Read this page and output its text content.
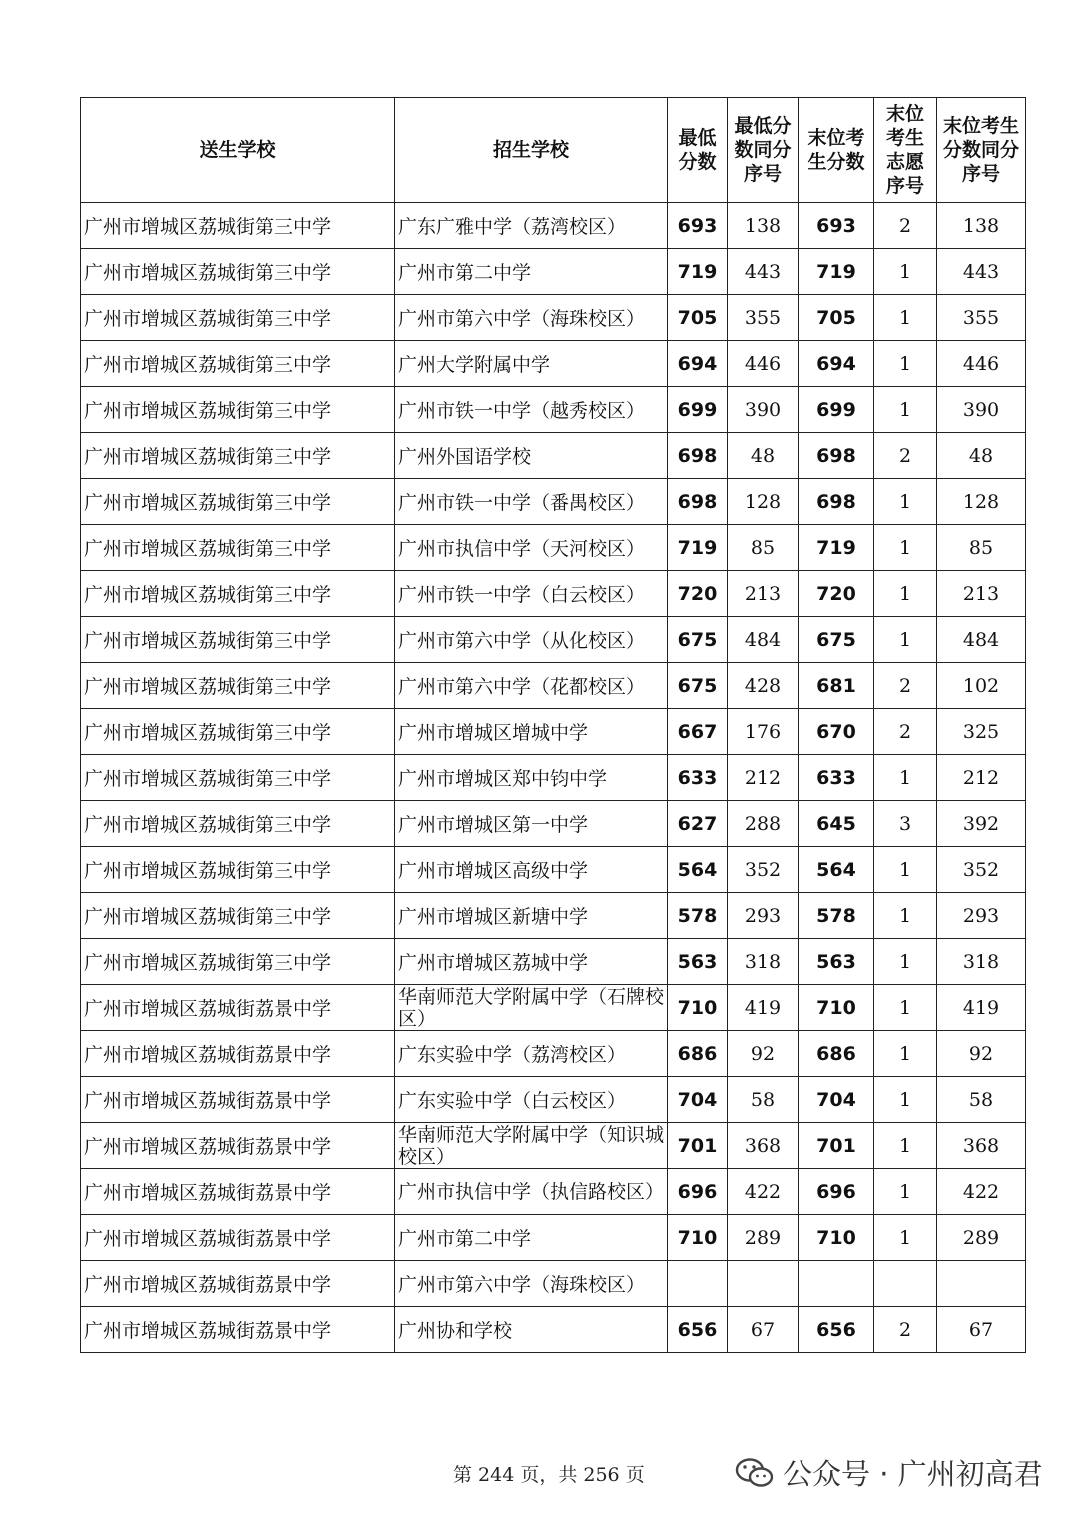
送生学校	招生学校	最低分数	最低分数同分序号	末位考生分数	末位考生志愿序号	末位考生分数同分序号
广州市增城区荔城街第三中学	广东广雅中学（荔湾校区）	693	138	693	2	138
广州市增城区荔城街第三中学	广州市第二中学	719	443	719	1	443
广州市增城区荔城街第三中学	广州市第六中学（海珠校区）	705	355	705	1	355
广州市增城区荔城街第三中学	广州大学附属中学	694	446	694	1	446
广州市增城区荔城街第三中学	广州市铁一中学（越秀校区）	699	390	699	1	390
广州市增城区荔城街第三中学	广州外国语学校	698	48	698	2	48
广州市增城区荔城街第三中学	广州市铁一中学（番禺校区）	698	128	698	1	128
广州市增城区荔城街第三中学	广州市执信中学（天河校区）	719	85	719	1	85
广州市增城区荔城街第三中学	广州市铁一中学（白云校区）	720	213	720	1	213
广州市增城区荔城街第三中学	广州市第六中学（从化校区）	675	484	675	1	484
广州市增城区荔城街第三中学	广州市第六中学（花都校区）	675	428	681	2	102
广州市增城区荔城街第三中学	广州市增城区增城中学	667	176	670	2	325
广州市增城区荔城街第三中学	广州市增城区郑中钧中学	633	212	633	1	212
广州市增城区荔城街第三中学	广州市增城区第一中学	627	288	645	3	392
广州市增城区荔城街第三中学	广州市增城区高级中学	564	352	564	1	352
广州市增城区荔城街第三中学	广州市增城区新塘中学	578	293	578	1	293
广州市增城区荔城街第三中学	广州市增城区荔城中学	563	318	563	1	318
广州市增城区荔城街荔景中学	华南师范大学附属中学（石牌校区）	710	419	710	1	419
广州市增城区荔城街荔景中学	广东实验中学（荔湾校区）	686	92	686	1	92
广州市增城区荔城街荔景中学	广东实验中学（白云校区）	704	58	704	1	58
广州市增城区荔城街荔景中学	华南师范大学附属中学（知识城校区）	701	368	701	1	368
广州市增城区荔城街荔景中学	广州市执信中学（执信路校区）	696	422	696	1	422
广州市增城区荔城街荔景中学	广州市第二中学	710	289	710	1	289
广州市增城区荔城街荔景中学	广州市第六中学（海珠校区）					
广州市增城区荔城街荔景中学	广州协和学校	656	67	656	2	67
第 244 页，共 256 页	公众号 · 广州初高君
